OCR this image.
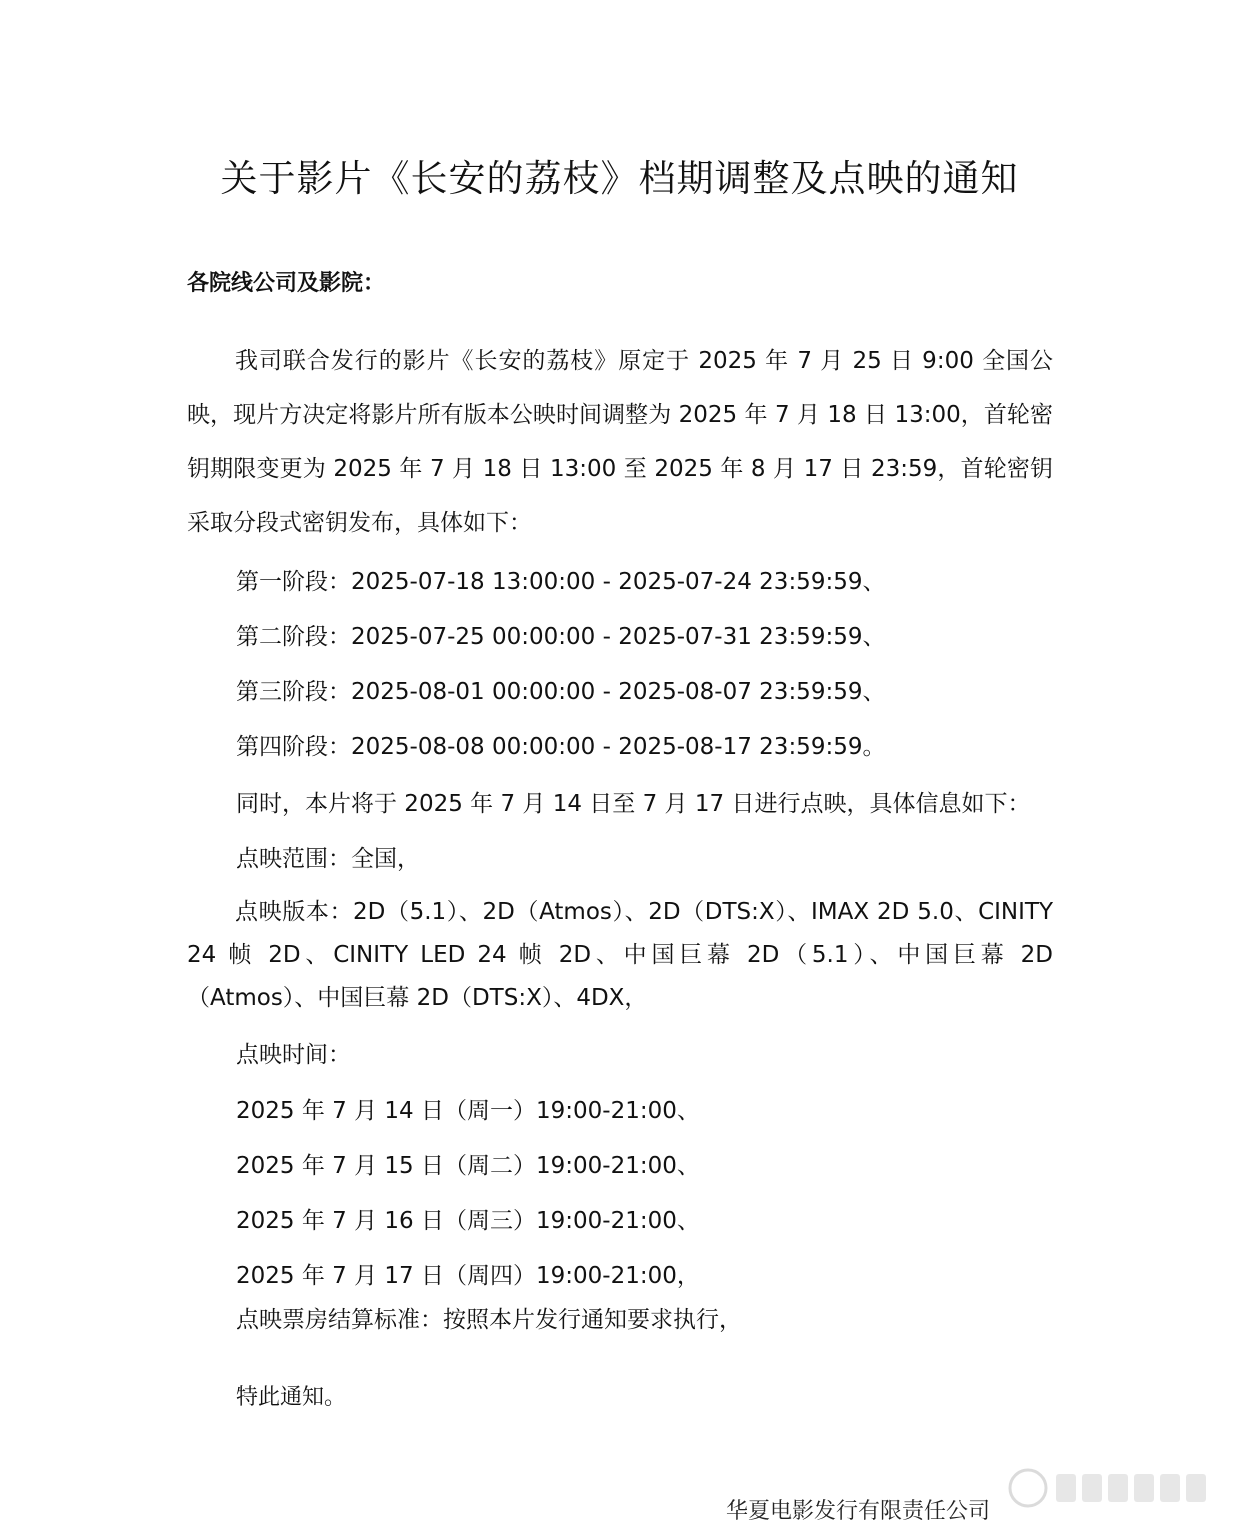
关于影片《长安的荔枝》档期调整及点映的通知
各院线公司及影院：
我司联合发行的影片《长安的荔枝》原定于 2025 年 7 月 25 日 9:00 全国公映，现片方决定将影片所有版本公映时间调整为 2025 年 7 月 18 日 13:00，首轮密钥期限变更为 2025 年 7 月 18 日 13:00 至 2025 年 8 月 17 日 23:59，首轮密钥采取分段式密钥发布，具体如下：
第一阶段：2025-07-18 13:00:00 - 2025-07-24 23:59:59、
第二阶段：2025-07-25 00:00:00 - 2025-07-31 23:59:59、
第三阶段：2025-08-01 00:00:00 - 2025-08-07 23:59:59、
第四阶段：2025-08-08 00:00:00 - 2025-08-17 23:59:59。
同时，本片将于 2025 年 7 月 14 日至 7 月 17 日进行点映，具体信息如下：
点映范围：全国，
点映版本：2D（5.1）、2D（Atmos）、2D（DTS:X）、IMAX 2D 5.0、CINITY 24 帧 2D、CINITY LED 24 帧 2D、中国巨幕 2D（5.1）、中国巨幕 2D（Atmos）、中国巨幕 2D（DTS:X）、4DX，
点映时间：
2025 年 7 月 14 日（周一）19:00-21:00、
2025 年 7 月 15 日（周二）19:00-21:00、
2025 年 7 月 16 日（周三）19:00-21:00、
2025 年 7 月 17 日（周四）19:00-21:00，
点映票房结算标准：按照本片发行通知要求执行，
特此通知。
华夏电影发行有限责任公司
